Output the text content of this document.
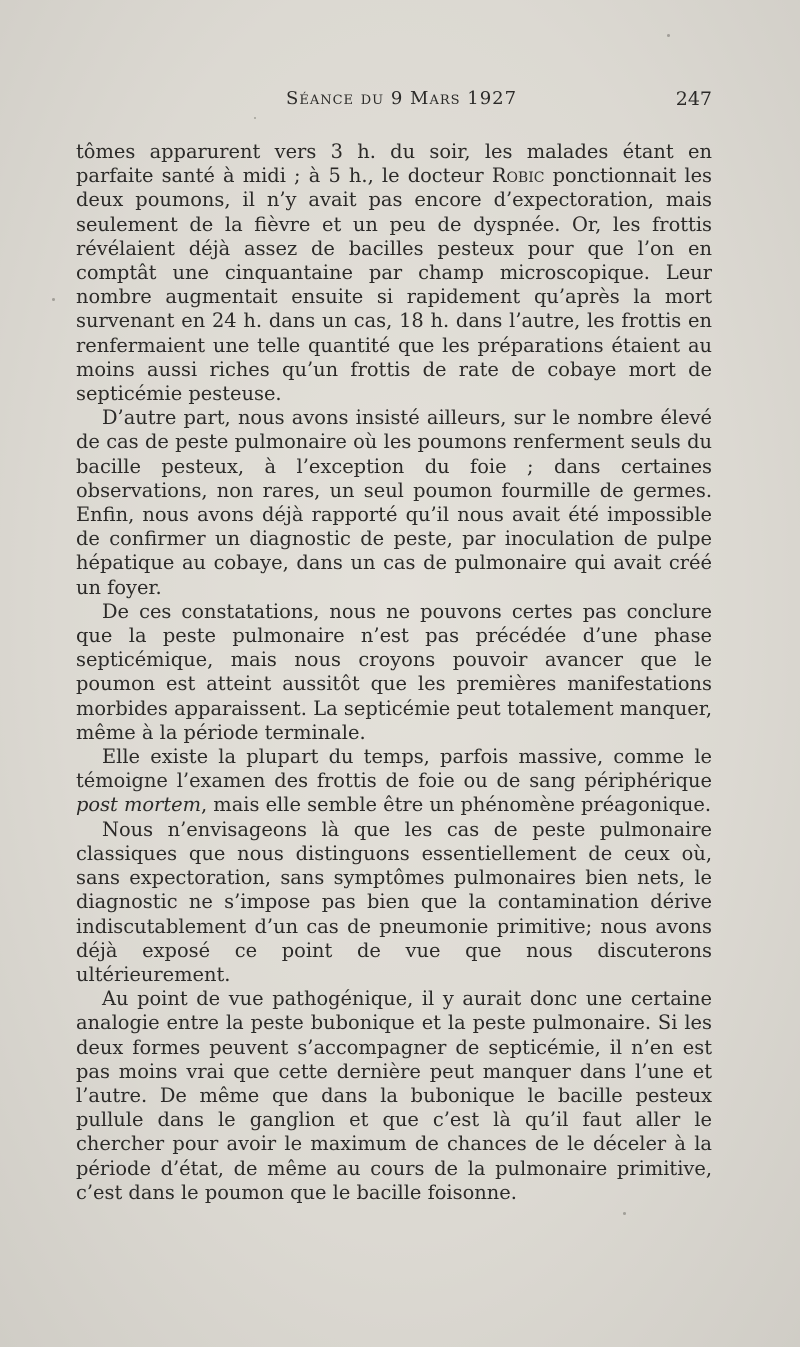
Séance du 9 Mars 1927	247

tômes apparurent vers 3 h. du soir, les malades étant en parfaite santé à midi ; à 5 h., le docteur Robic ponctionnait les deux poumons, il n’y avait pas encore d’expectoration, mais seulement de la fièvre et un peu de dyspnée. Or, les frottis révélaient déjà assez de bacilles pesteux pour que l’on en comptât une cinquantaine par champ microscopique. Leur nombre augmentait ensuite si rapidement qu’après la mort survenant en 24 h. dans un cas, 18 h. dans l’autre, les frottis en renfermaient une telle quantité que les préparations étaient au moins aussi riches qu’un frottis de rate de cobaye mort de septicémie pesteuse.

D’autre part, nous avons insisté ailleurs, sur le nombre élevé de cas de peste pulmonaire où les poumons renferment seuls du bacille pesteux, à l’exception du foie ; dans certaines observations, non rares, un seul poumon fourmille de germes. Enfin, nous avons déjà rapporté qu’il nous avait été impossible de confirmer un diagnostic de peste, par inoculation de pulpe hépatique au cobaye, dans un cas de pulmonaire qui avait créé un foyer.

De ces constatations, nous ne pouvons certes pas conclure que la peste pulmonaire n’est pas précédée d’une phase septicémique, mais nous croyons pouvoir avancer que le poumon est atteint aussitôt que les premières manifestations morbides apparaissent. La septicémie peut totalement manquer, même à la période terminale.

Elle existe la plupart du temps, parfois massive, comme le témoigne l’examen des frottis de foie ou de sang périphérique post mortem, mais elle semble être un phénomène préagonique.

Nous n’envisageons là que les cas de peste pulmonaire classiques que nous distinguons essentiellement de ceux où, sans expectoration, sans symptômes pulmonaires bien nets, le diagnostic ne s’impose pas bien que la contamination dérive indiscutablement d’un cas de pneumonie primitive; nous avons déjà exposé ce point de vue que nous discuterons ultérieurement.

Au point de vue pathogénique, il y aurait donc une certaine analogie entre la peste bubonique et la peste pulmonaire. Si les deux formes peuvent s’accompagner de septicémie, il n’en est pas moins vrai que cette dernière peut manquer dans l’une et l’autre. De même que dans la bubonique le bacille pesteux pullule dans le ganglion et que c’est là qu’il faut aller le chercher pour avoir le maximum de chances de le déceler à la période d’état, de même au cours de la pulmonaire primitive, c’est dans le poumon que le bacille foisonne.
